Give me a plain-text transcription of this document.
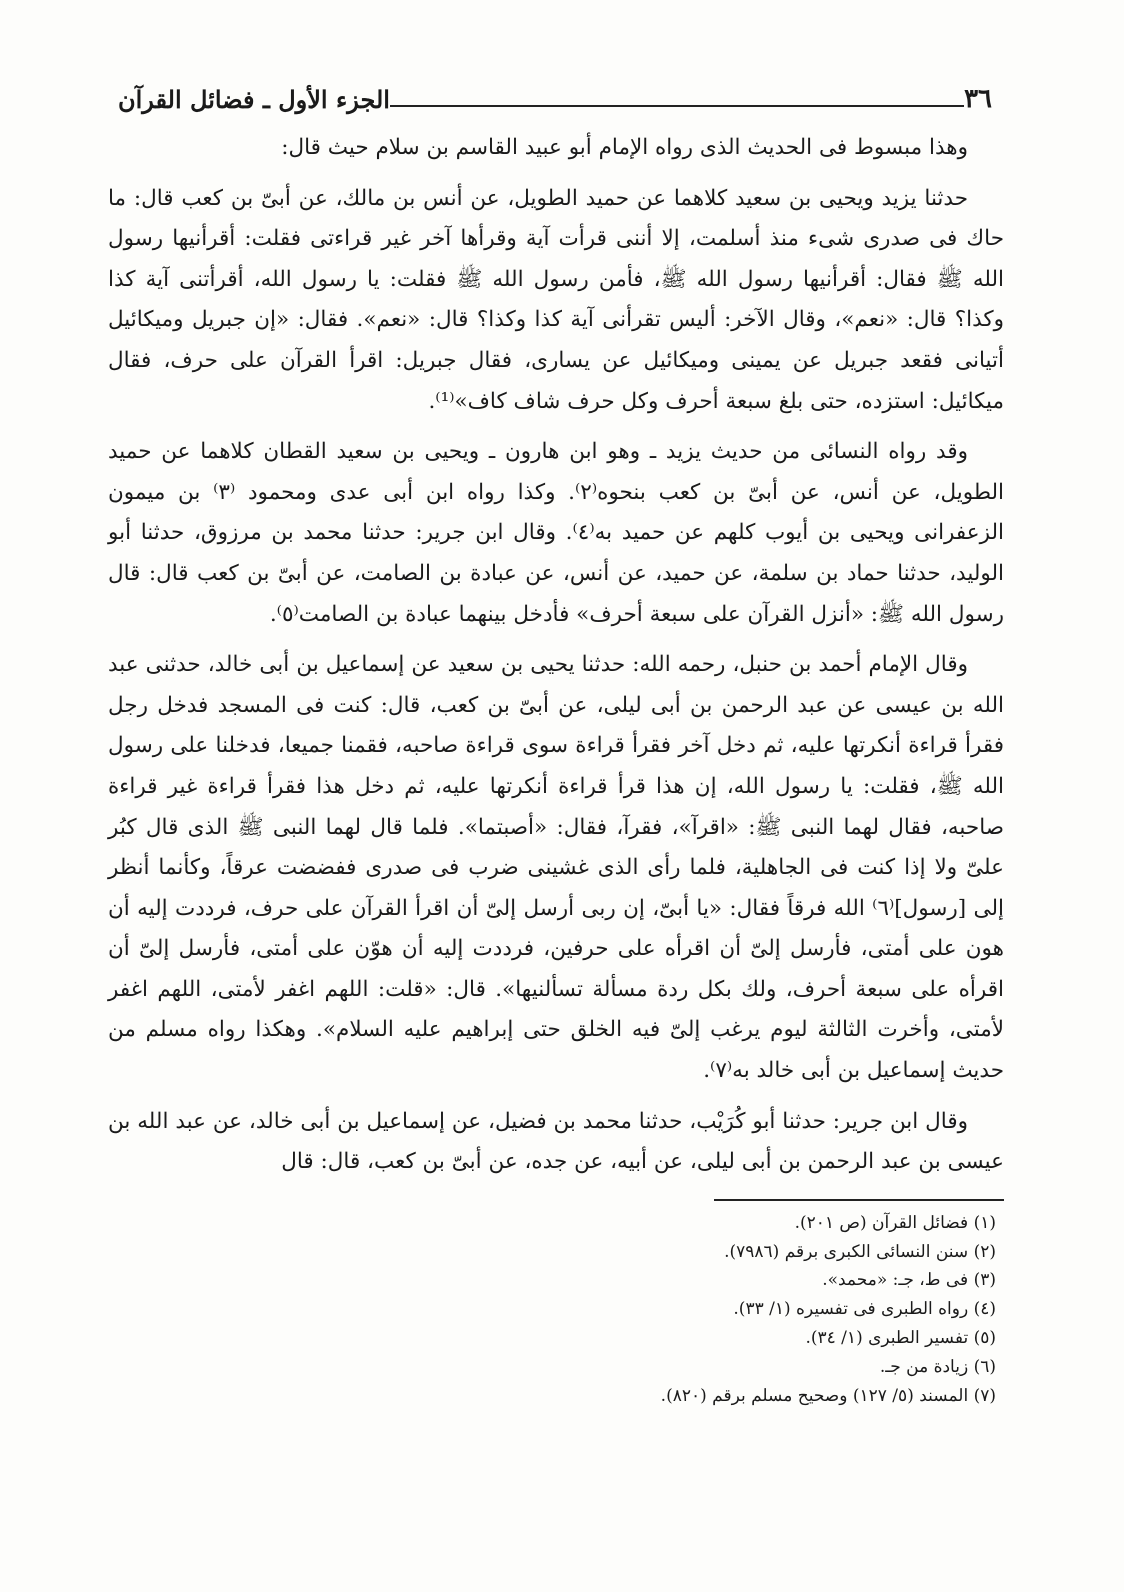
٣٦
الجزء الأول ـ فضائل القرآن

وهذا مبسوط فى الحديث الذى رواه الإمام أبو عبيد القاسم بن سلام حيث قال:

حدثنا يزيد ويحيى بن سعيد كلاهما عن حميد الطويل، عن أنس بن مالك، عن أبىّ بن كعب قال: ما حاك فى صدرى شىء منذ أسلمت، إلا أننى قرأت آية وقرأها آخر غير قراءتى فقلت: أقرأنيها رسول الله ﷺ فقال: أقرأنيها رسول الله ﷺ، فأمن رسول الله ﷺ فقلت: يا رسول الله، أقرأتنى آية كذا وكذا؟ قال: «نعم»، وقال الآخر: أليس تقرأنى آية كذا وكذا؟ قال: «نعم». فقال: «إن جبريل وميكائيل أتيانى فقعد جبريل عن يمينى وميكائيل عن يسارى، فقال جبريل: اقرأ القرآن على حرف، فقال ميكائيل: استزده، حتى بلغ سبعة أحرف وكل حرف شاف كاف»⁽¹⁾.

وقد رواه النسائى من حديث يزيد ـ وهو ابن هارون ـ ويحيى بن سعيد القطان كلاهما عن حميد الطويل، عن أنس، عن أبىّ بن كعب بنحوه⁽٢⁾. وكذا رواه ابن أبى عدى ومحمود ⁽٣⁾ بن ميمون الزعفرانى ويحيى بن أيوب كلهم عن حميد به⁽٤⁾. وقال ابن جرير: حدثنا محمد بن مرزوق، حدثنا أبو الوليد، حدثنا حماد بن سلمة، عن حميد، عن أنس، عن عبادة بن الصامت، عن أبىّ بن كعب قال: قال رسول الله ﷺ: «أنزل القرآن على سبعة أحرف» فأدخل بينهما عبادة بن الصامت⁽٥⁾.

وقال الإمام أحمد بن حنبل، رحمه الله: حدثنا يحيى بن سعيد عن إسماعيل بن أبى خالد، حدثنى عبد الله بن عيسى عن عبد الرحمن بن أبى ليلى، عن أبىّ بن كعب، قال: كنت فى المسجد فدخل رجل فقرأ قراءة أنكرتها عليه، ثم دخل آخر فقرأ قراءة سوى قراءة صاحبه، فقمنا جميعا، فدخلنا على رسول الله ﷺ، فقلت: يا رسول الله، إن هذا قرأ قراءة أنكرتها عليه، ثم دخل هذا فقرأ قراءة غير قراءة صاحبه، فقال لهما النبى ﷺ: «اقرآ»، فقرآ، فقال: «أصبتما». فلما قال لهما النبى ﷺ الذى قال كبُر علىّ ولا إذا كنت فى الجاهلية، فلما رأى الذى غشينى ضرب فى صدرى ففضضت عرقاً، وكأنما أنظر إلى [رسول]⁽٦⁾ الله فرقاً فقال: «يا أبىّ، إن ربى أرسل إلىّ أن اقرأ القرآن على حرف، فرددت إليه أن هون على أمتى، فأرسل إلىّ أن اقرأه على حرفين، فرددت إليه أن هوّن على أمتى، فأرسل إلىّ أن اقرأه على سبعة أحرف، ولك بكل ردة مسألة تسألنيها». قال: «قلت: اللهم اغفر لأمتى، اللهم اغفر لأمتى، وأخرت الثالثة ليوم يرغب إلىّ فيه الخلق حتى إبراهيم عليه السلام». وهكذا رواه مسلم من حديث إسماعيل بن أبى خالد به⁽٧⁾.

وقال ابن جرير: حدثنا أبو كُرَيْب، حدثنا محمد بن فضيل، عن إسماعيل بن أبى خالد، عن عبد الله بن عيسى بن عبد الرحمن بن أبى ليلى، عن أبيه، عن جده، عن أبىّ بن كعب، قال: قال

(١) فضائل القرآن (ص ٢٠١).

(٢) سنن النسائى الكبرى برقم (٧٩٨٦).

(٣) فى ط، جـ: «محمد».

(٤) رواه الطبرى فى تفسيره (١/ ٣٣).

(٥) تفسير الطبرى (١/ ٣٤).

(٦) زيادة من جـ.

(٧) المسند (٥/ ١٢٧) وصحيح مسلم برقم (٨٢٠).
